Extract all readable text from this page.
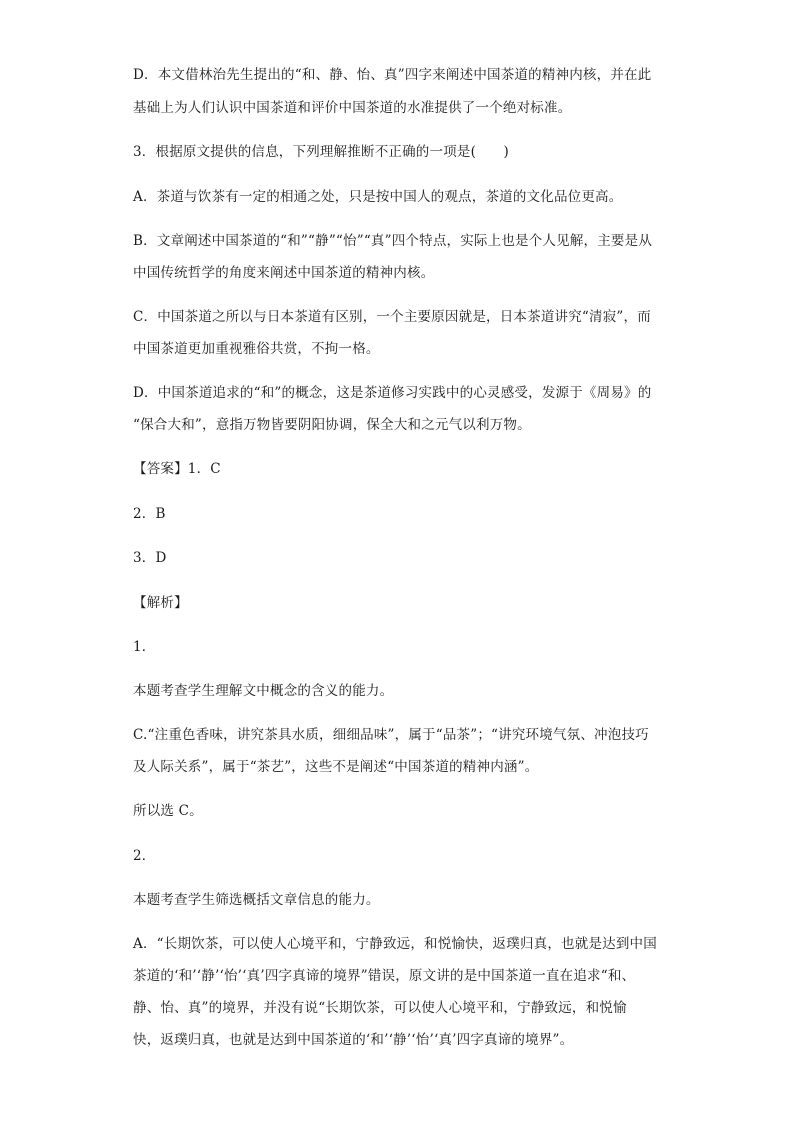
D．本文借林治先生提出的“和、静、怡、真”四字来阐述中国茶道的精神内核，并在此
基础上为人们认识中国茶道和评价中国茶道的水准提供了一个绝对标准。
3．根据原文提供的信息，下列理解推断不正确的一项是(　　)
A．茶道与饮茶有一定的相通之处，只是按中国人的观点，茶道的文化品位更高。
B．文章阐述中国茶道的“和”“静”“怡”“真”四个特点，实际上也是个人见解，主要是从
中国传统哲学的角度来阐述中国茶道的精神内核。
C．中国茶道之所以与日本茶道有区别，一个主要原因就是，日本茶道讲究“清寂”，而
中国茶道更加重视雅俗共赏，不拘一格。
D．中国茶道追求的“和”的概念，这是茶道修习实践中的心灵感受，发源于《周易》的
“保合大和”，意指万物皆要阴阳协调，保全大和之元气以利万物。
【答案】1．C
2．B
3．D
【解析】
1．
本题考查学生理解文中概念的含义的能力。
C.“注重色香味，讲究茶具水质，细细品味”，属于“品茶”；“讲究环境气氛、冲泡技巧
及人际关系”，属于“茶艺”，这些不是阐述“中国茶道的精神内涵”。
所以选 C。
2．
本题考查学生筛选概括文章信息的能力。
A．“长期饮茶，可以使人心境平和，宁静致远，和悦愉快，返璞归真，也就是达到中国
茶道的‘和’‘静’‘怡’‘真’四字真谛的境界”错误，原文讲的是中国茶道一直在追求“和、
静、怡、真”的境界，并没有说“长期饮茶，可以使人心境平和，宁静致远，和悦愉
快，返璞归真，也就是达到中国茶道的‘和’‘静’‘怡’‘真’四字真谛的境界”。
